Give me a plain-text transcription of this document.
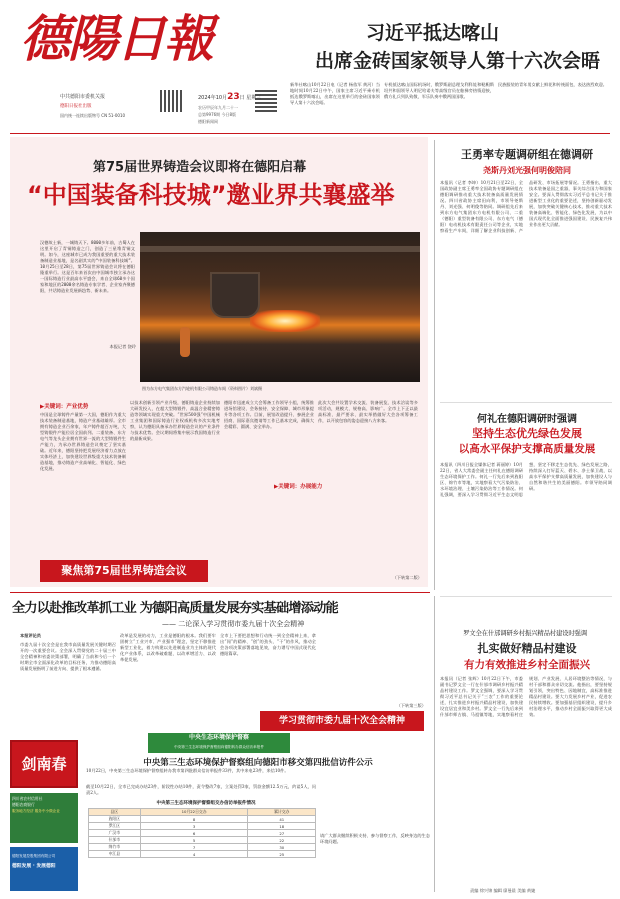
德陽日報
中共德阳市委机关报
德阳日报社出版
国内统一连续出版物号 CN 51-0010
2024年10月23日 星期三
农历甲辰年九月二十一
总第9976期 今日8版
德阳新闻网
习近平抵达喀山
出席金砖国家领导人第十六次会晤
新华社喀山10月22日电（记者 杨依军 黄河）当地时间10月22日中午，国家主席习近平乘专机抵达俄罗斯喀山，出席在这里举行的金砖国家领导人第十六次会晤。
专机抵达喀山国际机场时，俄罗斯副总理戈利科娃和鞑靼斯坦共和国领导人明尼哈诺夫等高级官员在舷梯旁热情迎接，俄方礼兵列队致敬，军乐队奏中俄两国国歌。
民族服装的青年男女献上鲜花和传统面包，表达热烈欢迎。
第75届世界铸造会议即将在德阳启幕
“中国装备科技城”邀业界共襄盛举
汉德故土新，一城铸天下。8000多年前，古蜀人在这里开启了青铜铸造之门，创造了三星堆青铜文明。如今，这座城市已成为我国重要的重大技术装备制造业基地，是名副其实的“中国装备科技城”。10月25日至28日，第75届世界铸造会议将在德阳隆重举行。这是百年来首次由中国城市独立承办这一国际铸造行业最高水平盛会，来自全球60多个国家和地区的2000余名铸造专家学者、企业家齐聚德阳，共话铸造业发展新趋势、新未来。
本报记者 饶玲
图为东方电气集团东方汽轮机有限公司铸造车间（资料图片）刘斌摄
▶关键词：产业优势
中国是全球铸件产量第一大国，德阳作为重大技术装备制造基地，铸造产业基础雄厚。全市拥有铸造企业百余家，年产铸件超百万吨，大型铸锻件产能位居全国前列。二重装备、东方电气等龙头企业拥有世界一流的大型铸锻件生产能力，为承办世界铸造会议奠定了坚实基础。近年来，德阳坚持把发展经济着力点放在实体经济上，加快建设世界级重大技术装备制造基地，推动铸造产业高端化、智能化、绿色化发展。
以技术创新引领产业升级，德阳铸造企业持续加大研发投入，在超大型铸锻件、高温合金精密铸造等领域实现重大突破。“世界500强”中国机械工业集团和国际铸造行业权威机构多次实地考察，认为德阳具备承办世界铸造会议的产业条件与技术优势。会议期间将集中展示我国铸造行业的最新成果。
德阳市迅速成立大会筹备工作领导小组，统筹推进场馆建设、会务接待、安全保障、城市形象提升等各项工作。目前，展馆改造提升、参展企业招商、国际嘉宾邀请等工作已基本完成，确保大会精彩、圆满、安全举办。
▶关键词：办展能力
此次大会共设置学术交流、装备展览、技术洽谈等多项活动，规模大、规格高、影响广。全市上下正以最高标准、最严要求、最实举措做好大会各项筹备工作，以开放包容的姿态迎接八方来客。
（下转第二版）
聚焦第75届世界铸造会议
王勇率专题调研组在德调研
尧斯丹刘光强何明俊陪同
本报讯（记者 李坤）10月21日至22日，全国政协副主席王勇率全国政协专题调研组在德阳调研推动重大技术装备高质量发展情况。四川省政协主席田向利，市领导尧斯丹、刘光强、何明俊等陪同。调研组先后来到东方电气集团东方电机有限公司、二重（德阳）重型装备有限公司、东方电气（德阳）电动机技术有限责任公司等企业，实地察看生产车间，详细了解企业科技创新、产品研发、市场拓展等情况。王勇指出，重大技术装备是国之重器，事关综合国力和国家安全。要深入贯彻落实习近平总书记关于推进新型工业化的重要论述，坚持创新驱动发展，加快突破关键核心技术，推动重大技术装备高端化、智能化、绿色化发展，为以中国式现代化全面推进强国建设、民族复兴伟业作出更大贡献。
何礼在德阳调研时强调
坚持生态优先绿色发展
以高水平保护支撑高质量发展
本报讯（四川日报全媒体记者 蒋丽婷）10月22日，省人大常委会副主任何礼在德阳调研生态环境保护工作。何礼一行先后来到旌阳区、绵竹市等地，实地察看大气污染防治、水环境治理、土壤污染防治等工作情况。何礼强调，要深入学习贯彻习近平生态文明思想，坚定不移走生态优先、绿色发展之路，持续深入打好蓝天、碧水、净土保卫战，以高水平保护支撑高质量发展，加快建设人与自然和谐共生的美丽德阳。市领导陪同调研。
全力以赴推改革抓工业 为德阳高质量发展夯实基础增添动能
—— 二论深入学习贯彻市委九届十次全会精神
本报评论员
市委九届十次全会是在我市高质量发展关键时期召开的一次重要会议。全会深入贯彻党的二十届三中全会精神和省委决策部署，明确了当前和今后一个时期全市全面深化改革的目标任务，为推动德阳高质量发展指明了前进方向、提供了根本遵循。
改革是发展的动力，工业是德阳的根本。我们要牢固树立“工业兴市、产业强市”理念，坚定不移推进新型工业化，着力构建以先进制造业为主体的现代化产业体系，以改革破难题、以改革增活力、以改革促发展。
全市上下要把思想和行动统一到全会精神上来，拿出“闯”的精神、“创”的劲头、“干”的作风，推动全会各项决策部署落地见效，奋力谱写中国式现代化德阳篇章。
（下转第三版）
学习贯彻市委九届十次全会精神
罗文全在什邡调研乡村振兴精品村建设时强调
扎实做好精品村建设
有力有效推进乡村全面振兴
本报讯（记者 张辉）10月22日下午，市委副书记罗文全一行在什邡市调研乡村振兴精品村建设工作。罗文全强调，要深入学习贯彻习近平总书记关于“三农”工作的重要论述，扎实推进乡村振兴精品村建设，加快建设宜居宜业和美乡村。罗文全一行先后来到什邡市师古镇、马祖镇等地，实地察看村庄规划、产业发展、人居环境整治等情况，与村干部和群众亲切交流。他指出，要坚持规划引领，突出特色、因地制宜，高标准推进精品村建设。要大力发展乡村产业，促进农民持续增收。要加强基层组织建设，提升乡村治理水平，推动乡村全面振兴取得更大成效。
剑南春
四川省农村信用社
德阳农商银行
服务地方经济 服务中小微企业
德阳发展控股集团有限公司
德阳发展 · 发展德阳
中央生态环境保护督察
中央第三生态环境保护督察组向德阳转办群众信访举报件
中央第三生态环境保护督察组向德阳市移交第四批信访件公示
10月22日，中央第三生态环境保护督察组转办我市第四批群众信访举报件33件，其中来电23件，来信10件。
截至10月22日，全市已完成办结23件，阶段性办结10件，责令整改7家，立案处罚3家，罚款金额12.5万元，约谈5人，问责2人。
请广大群众继续积极支持、参与督察工作，反映身边的生态环境问题。
中央第三生态环境保护督察组交办信访举报件情况
县区	10月22日交办	累计交办
旌阳区	8	41
罗江区	3	18
广汉市	6	27
什邡市	5	22
绵竹市	7	30
中江县	4	25
责编 徐兴锦 编辑 廖曼晨 美编 黄婕
